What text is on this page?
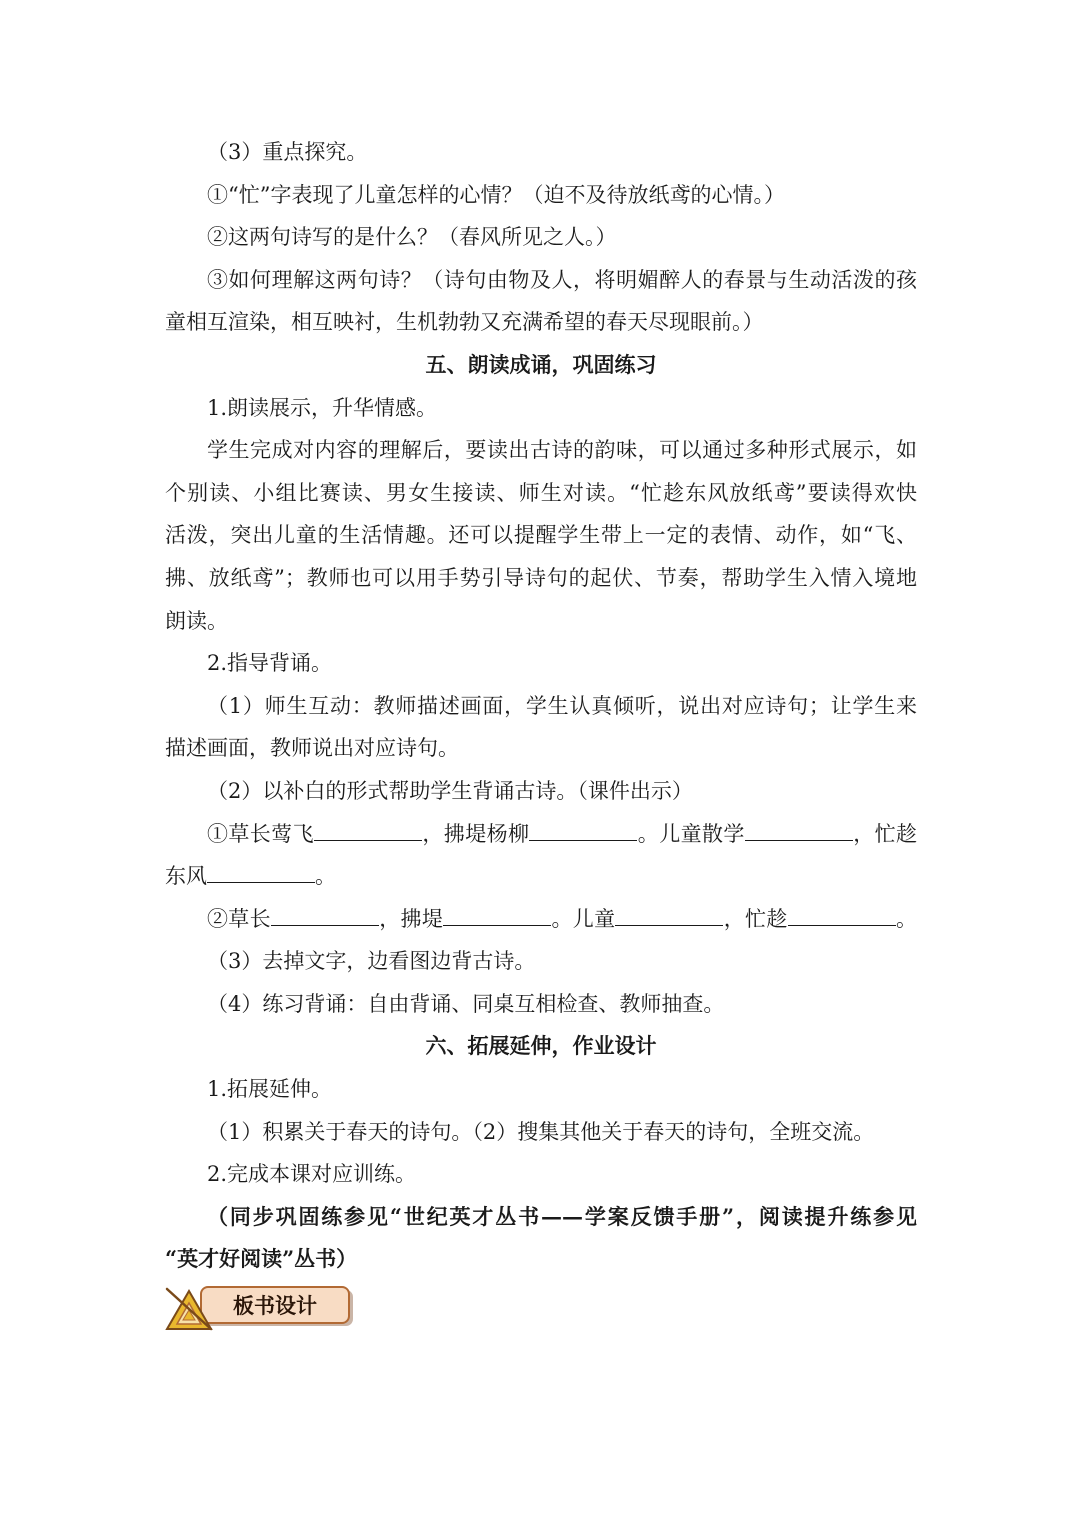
（3）重点探究。
①“忙”字表现了儿童怎样的心情？（迫不及待放纸鸢的心情。）
②这两句诗写的是什么？（春风所见之人。）
③如何理解这两句诗？（诗句由物及人，将明媚醉人的春景与生动活泼的孩
童相互渲染，相互映衬，生机勃勃又充满希望的春天尽现眼前。）
五、朗读成诵，巩固练习
1.朗读展示，升华情感。
学生完成对内容的理解后，要读出古诗的韵味，可以通过多种形式展示，如
个别读、小组比赛读、男女生接读、师生对读。“忙趁东风放纸鸢”要读得欢快
活泼，突出儿童的生活情趣。还可以提醒学生带上一定的表情、动作，如“飞、
拂、放纸鸢”；教师也可以用手势引导诗句的起伏、节奏，帮助学生入情入境地
朗读。
2.指导背诵。
（1）师生互动：教师描述画面，学生认真倾听，说出对应诗句；让学生来
描述画面，教师说出对应诗句。
（2）以补白的形式帮助学生背诵古诗。（课件出示）
①草长莺飞	，拂堤杨柳	。儿童散学	，忙趁
东风	。
②草长	，拂堤	。儿童	，忙趁	。
（3）去掉文字，边看图边背古诗。
（4）练习背诵：自由背诵、同桌互相检查、教师抽查。
六、拓展延伸，作业设计
1.拓展延伸。
（1）积累关于春天的诗句。（2）搜集其他关于春天的诗句，全班交流。
2.完成本课对应训练。
（同步巩固练参见“世纪英才丛书——学案反馈手册”，阅读提升练参见
“英才好阅读”丛书）
板书设计
